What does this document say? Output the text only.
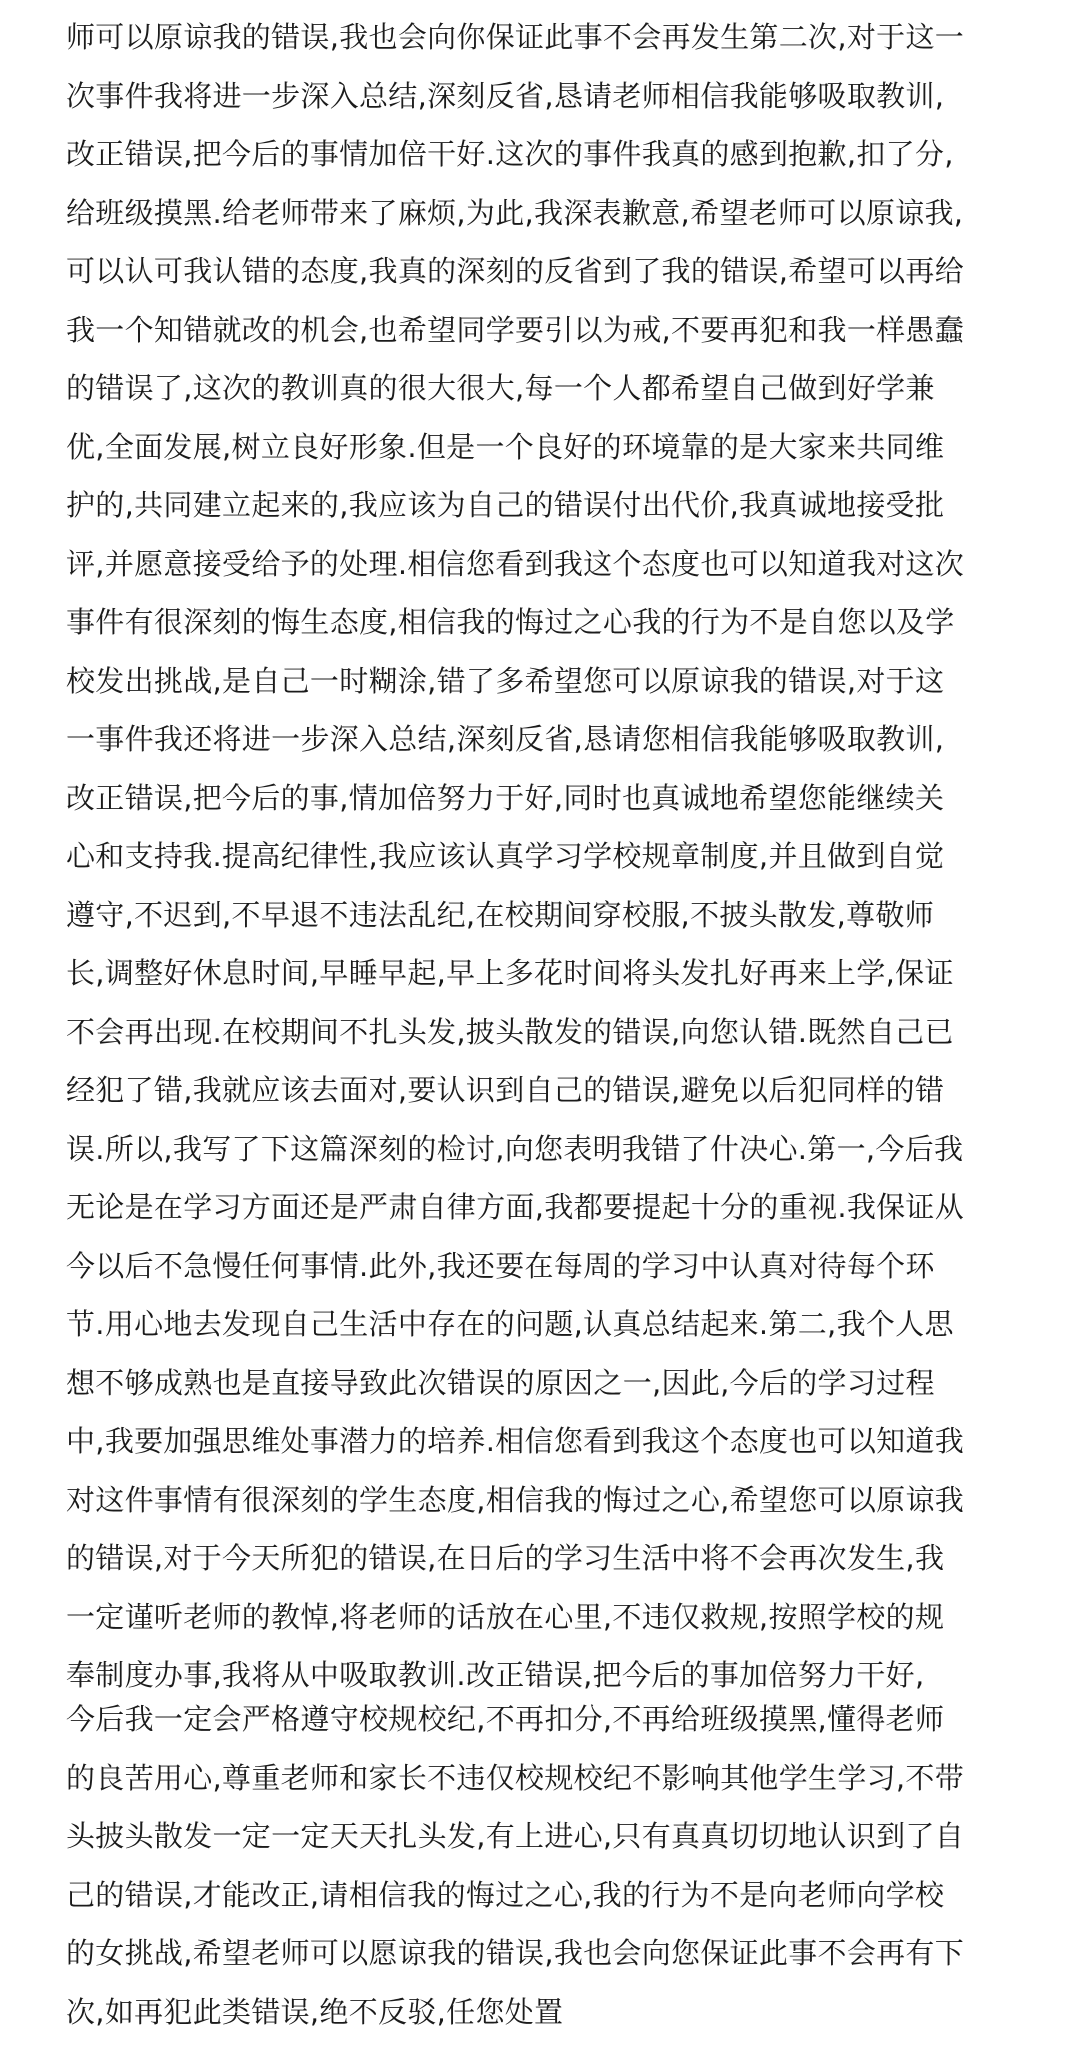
师可以原谅我的错误,我也会向你保证此事不会再发生第二次,对于这一
次事件我将进一步深入总结,深刻反省,恳请老师相信我能够吸取教训,
改正错误,把今后的事情加倍干好.这次的事件我真的感到抱歉,扣了分,
给班级摸黑.给老师带来了麻烦,为此,我深表歉意,希望老师可以原谅我,
可以认可我认错的态度,我真的深刻的反省到了我的错误,希望可以再给
我一个知错就改的机会,也希望同学要引以为戒,不要再犯和我一样愚蠢
的错误了,这次的教训真的很大很大,每一个人都希望自己做到好学兼
优,全面发展,树立良好形象.但是一个良好的环境靠的是大家来共同维
护的,共同建立起来的,我应该为自己的错误付出代价,我真诚地接受批
评,并愿意接受给予的处理.相信您看到我这个态度也可以知道我对这次
事件有很深刻的悔生态度,相信我的悔过之心我的行为不是自您以及学
校发出挑战,是自己一时糊涂,错了多希望您可以原谅我的错误,对于这
一事件我还将进一步深入总结,深刻反省,恳请您相信我能够吸取教训,
改正错误,把今后的事,情加倍努力于好,同时也真诚地希望您能继续关
心和支持我.提高纪律性,我应该认真学习学校规章制度,并且做到自觉
遵守,不迟到,不早退不违法乱纪,在校期间穿校服,不披头散发,尊敬师
长,调整好休息时间,早睡早起,早上多花时间将头发扎好再来上学,保证
不会再出现.在校期间不扎头发,披头散发的错误,向您认错.既然自己已
经犯了错,我就应该去面对,要认识到自己的错误,避免以后犯同样的错
误.所以,我写了下这篇深刻的检讨,向您表明我错了什决心.第一,今后我
无论是在学习方面还是严肃自律方面,我都要提起十分的重视.我保证从
今以后不急慢任何事情.此外,我还要在每周的学习中认真对待每个环
节.用心地去发现自己生活中存在的问题,认真总结起来.第二,我个人思
想不够成熟也是直接导致此次错误的原因之一,因此,今后的学习过程
中,我要加强思维处事潜力的培养.相信您看到我这个态度也可以知道我
对这件事情有很深刻的学生态度,相信我的悔过之心,希望您可以原谅我
的错误,对于今天所犯的错误,在日后的学习生活中将不会再次发生,我
一定谨听老师的教悼,将老师的话放在心里,不违仅救规,按照学校的规
奉制度办事,我将从中吸取教训.改正错误,把今后的事加倍努力干好,
今后我一定会严格遵守校规校纪,不再扣分,不再给班级摸黑,懂得老师
的良苦用心,尊重老师和家长不违仅校规校纪不影响其他学生学习,不带
头披头散发一定一定天天扎头发,有上进心,只有真真切切地认识到了自
己的错误,才能改正,请相信我的悔过之心,我的行为不是向老师向学校
的女挑战,希望老师可以愿谅我的错误,我也会向您保证此事不会再有下
次,如再犯此类错误,绝不反驳,任您处置
